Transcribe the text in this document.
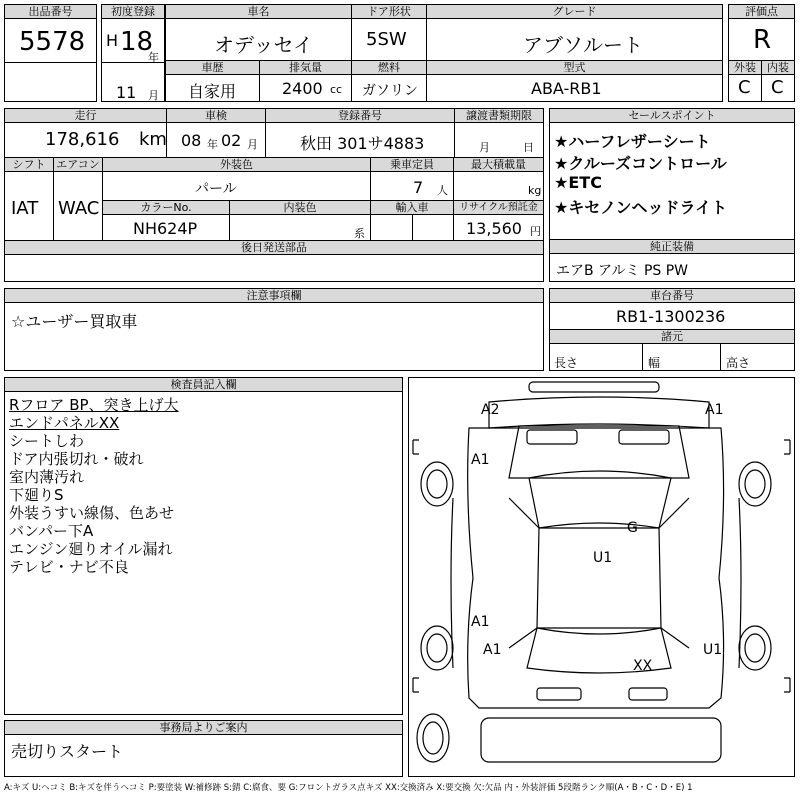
出品番号
5578
初度登録
H 18
年
11 月
車名
オデッセイ
ドア形状
5SW
グレード
アブソルート
評価点
R
車歴
自家用
排気量
2400 cc
燃料
ガソリン
型式
ABA-RB1
外装
C
内装
C
走行
178,616 km
車検
08 年 02 月
登録番号
秋田 301サ4883
譲渡書類期限
月	日
シフト
IAT
エアコン
WAC
外装色
パール
乗車定員
7 人
最大積載量
kg
カラーNo.
NH624P
内装色
系
輸入車	リサイクル預託金
13,560 円
後日発送部品
セールスポイント
★ハーフレザーシート
★クルーズコントロール
★ETC
★キセノンヘッドライト
純正装備
エアB アルミ PS PW
注意事項欄
☆ユーザー買取車
車台番号
RB1-1300236
諸元
長さ	幅	高さ
検査員記入欄
Rフロア BP、突き上げ大
エンドパネルXX
シートしわ
ドア内張切れ・破れ
室内薄汚れ
下廻りS
外装うすい線傷、色あせ
バンパー下A
エンジン廻りオイル漏れ
テレビ・ナビ不良
事務局よりご案内
売切りスタート
A2	A1
A1
G
U1
A1
A1	U1
XX
A:キズ U:ヘコミ B:キズを伴うヘコミ P:要塗装 W:補修跡 S:錆 C:腐食、要 G:フロントガラス点キズ XX:交換済み X:要交換 欠:欠品 内・外装評価 5段階ランク順(A・B・C・D・E) 1
